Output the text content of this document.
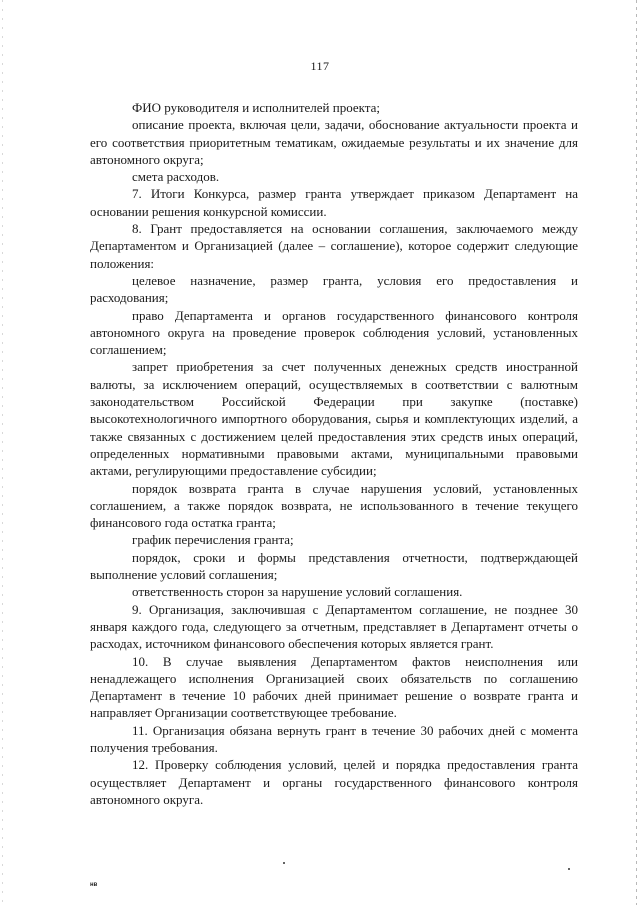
117

ФИО руководителя и исполнителей проекта;

описание проекта, включая цели, задачи, обоснование актуальности проекта и его соответствия приоритетным тематикам, ожидаемые результаты и их значение для автономного округа;

смета расходов.

7. Итоги Конкурса, размер гранта утверждает приказом Департамент на основании решения конкурсной комиссии.

8. Грант предоставляется на основании соглашения, заключаемого между Департаментом и Организацией (далее – соглашение), которое содержит следующие положения:

целевое назначение, размер гранта, условия его предоставления и расходования;

право Департамента и органов государственного финансового контроля автономного округа на проведение проверок соблюдения условий, установленных соглашением;

запрет приобретения за счет полученных денежных средств иностранной валюты, за исключением операций, осуществляемых в соответствии с валютным законодательством Российской Федерации при закупке (поставке) высокотехнологичного импортного оборудования, сырья и комплектующих изделий, а также связанных с достижением целей предоставления этих средств иных операций, определенных нормативными правовыми актами, муниципальными правовыми актами, регулирующими предоставление субсидии;

порядок возврата гранта в случае нарушения условий, установленных соглашением, а также порядок возврата, не использованного в течение текущего финансового года остатка гранта;

график перечисления гранта;

порядок, сроки и формы представления отчетности, подтверждающей выполнение условий соглашения;

ответственность сторон за нарушение условий соглашения.

9. Организация, заключившая с Департаментом соглашение, не позднее 30 января каждого года, следующего за отчетным, представляет в Департамент отчеты о расходах, источником финансового обеспечения которых является грант.

10. В случае выявления Департаментом фактов неисполнения или ненадлежащего исполнения Организацией своих обязательств по соглашению Департамент в течение 10 рабочих дней принимает решение о возврате гранта и направляет Организации соответствующее требование.

11. Организация обязана вернуть грант в течение 30 рабочих дней с момента получения требования.

12. Проверку соблюдения условий, целей и порядка предоставления гранта осуществляет Департамент и органы государственного финансового контроля автономного округа.

нв
